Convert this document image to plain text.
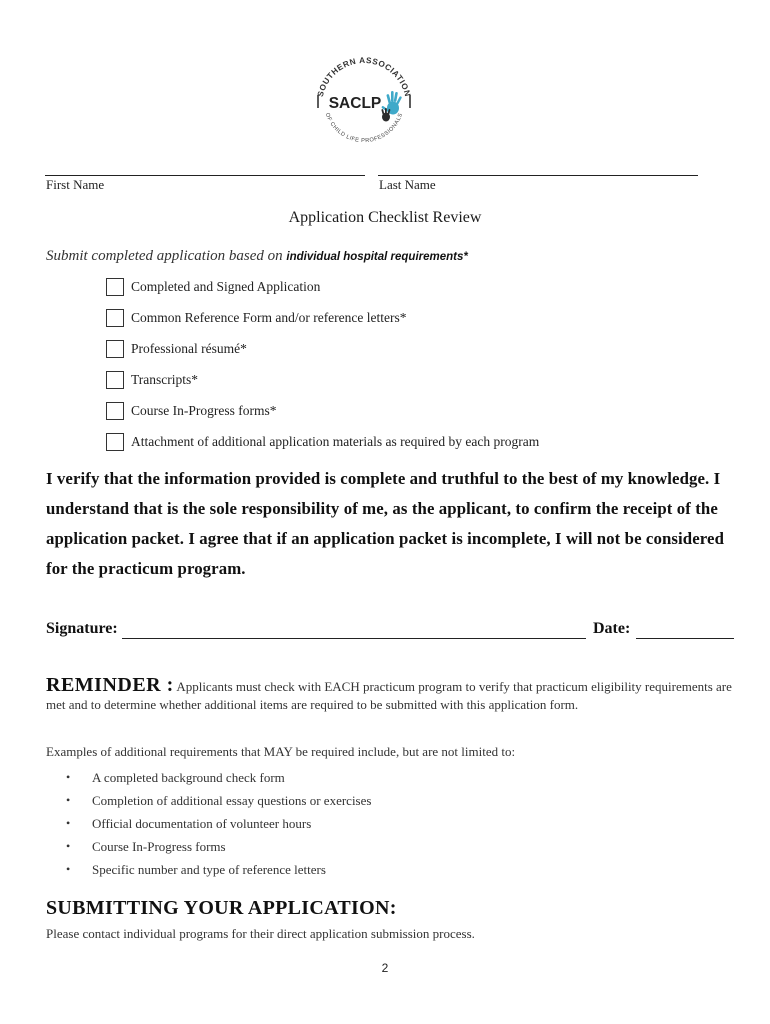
SOUTHERN ASSOCIATION
OF CHILD LIFE PROFESSIONALS
SACLP
First Name	Last Name
Application Checklist Review
Submit completed application based on individual hospital requirements*
Completed and Signed Application
Common Reference Form and/or reference letters*
Professional résumé*
Transcripts*
Course In-Progress forms*
Attachment of additional application materials as required by each program
I verify that the information provided is complete and truthful to the best of my knowledge. I understand that is the sole responsibility of me, as the applicant, to confirm the receipt of the application packet. I agree that if an application packet is incomplete, I will not be considered for the practicum program.
Signature:	Date:
REMINDER : Applicants must check with EACH practicum program to verify that practicum eligibility requirements are met and to determine whether additional items are required to be submitted with this application form.
Examples of additional requirements that MAY be required include, but are not limited to:
•	A completed background check form
•	Completion of additional essay questions or exercises
•	Official documentation of volunteer hours
•	Course In-Progress forms
•	Specific number and type of reference letters
SUBMITTING YOUR APPLICATION:
Please contact individual programs for their direct application submission process.
2
